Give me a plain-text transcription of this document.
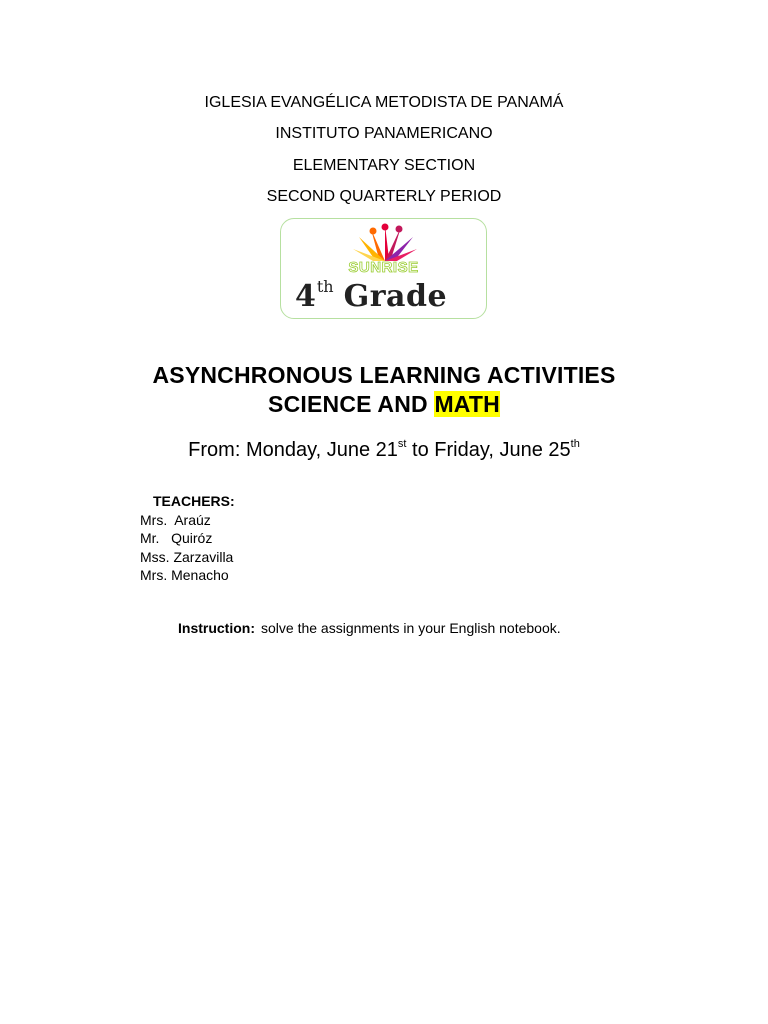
IGLESIA EVANGÉLICA METODISTA DE PANAMÁ
INSTITUTO PANAMERICANO
ELEMENTARY SECTION
SECOND QUARTERLY PERIOD
SUNRISE
4th Grade
ASYNCHRONOUS LEARNING ACTIVITIES
SCIENCE AND MATH
From: Monday, June 21st to Friday, June 25th
TEACHERS:
Mrs.  Araúz
Mr.   Quiróz
Mss. Zarzavilla
Mrs. Menacho
Instruction: solve the assignments in your English notebook.
